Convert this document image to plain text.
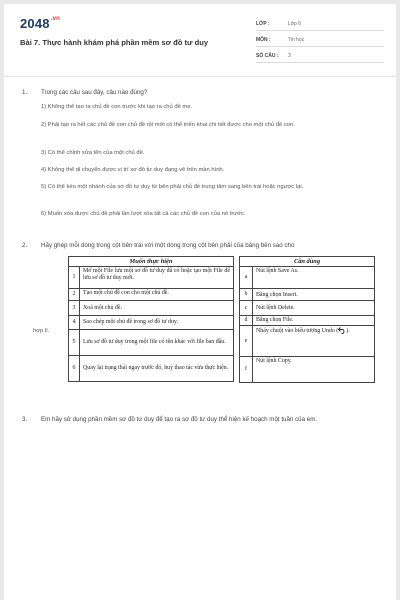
$2048^{.vn}$
Bài 7. Thực hành khám phá phần mềm sơ đồ tư duy
LỚP :	Lớp 6
MÔN :	Tin học
SỐ CÂU : 3
1. Trong các câu sau đây, câu nào đúng?
1) Không thể tạo ra chủ đề con trước khi tạo ra chủ đề mẹ.
2) Phải tạo ra hết các chủ đề con chủ đề rồi mới có thể triển khai chi tiết được cho một chủ đề con.
3) Có thể chỉnh sửa tên của một chủ đề.
4) Không thể di chuyển được vị trí sơ đồ tư duy đang vẽ trên màn hình.
5) Có thể kéo một nhánh của sơ đồ tư duy từ bên phải chủ đề trung tâm sang bên trái hoặc ngược lại.
6) Muốn xóa được chủ đề phải lần lượt xóa tất cả các chủ đề con của nó trước.
2. Hãy ghép mỗi dòng trong cột bên trái với một dòng trong cột bên phải của bảng bên sao cho
hợp lí.
Muốn thực hiện	
1	Mở một File lưu một sơ đồ tư duy đã có hoặc tạo một File để lưu sơ đồ tư duy mới.
2	Tạo một chủ đề con cho một chủ đề.
3	Xoá một chủ đề.
4	Sao chép một chủ đề trong sơ đồ tư duy.
5	Lưu sơ đồ tư duy trong một file có tên khác với file ban đầu.
6	Quay lại trạng thái ngay trước đó, huỷ thao tác vừa thực hiện.
Cần dùng	
a	Nút lệnh Save As.
b	Băng chọn Insert.
c	Nút lệnh Delete.
d	Băng chọn File.
e	Nháy chuột vào biểu tượng Undo ( ).
f	Nút lệnh Copy.
3. Em hãy sử dụng phần mềm sơ đồ tư duy để tạo ra sơ đồ tư duy thể hiện kế hoạch một tuần của em.
